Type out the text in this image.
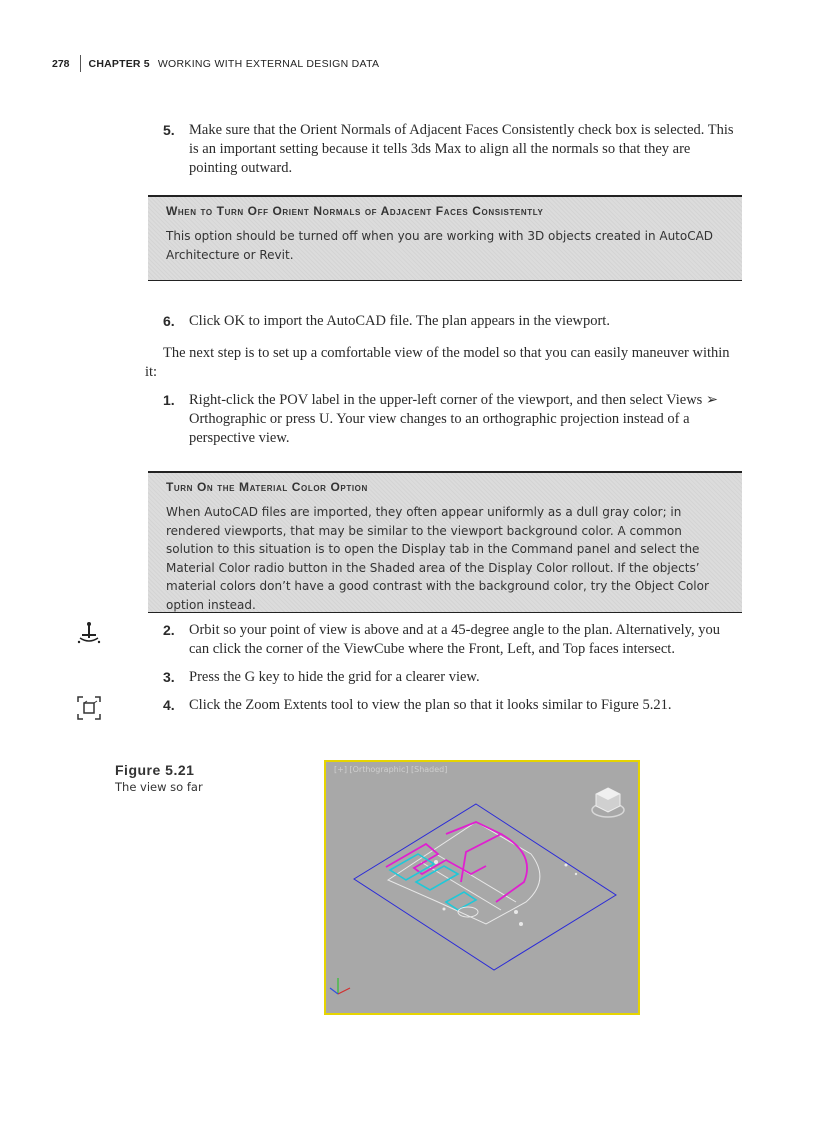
278 CHAPTER 5 WORKING WITH EXTERNAL DESIGN DATA
5. Make sure that the Orient Normals of Adjacent Faces Consistently check box is selected. This is an important setting because it tells 3ds Max to align all the normals so that they are pointing outward.
When to Turn Off Orient Normals of Adjacent Faces Consistently
This option should be turned off when you are working with 3D objects created in AutoCAD Architecture or Revit.
6. Click OK to import the AutoCAD file. The plan appears in the viewport.
The next step is to set up a comfortable view of the model so that you can easily maneuver within it:
1. Right-click the POV label in the upper-left corner of the viewport, and then select Views ➢ Orthographic or press U. Your view changes to an orthographic projection instead of a perspective view.
Turn On the Material Color Option
When AutoCAD files are imported, they often appear uniformly as a dull gray color; in rendered viewports, that may be similar to the viewport background color. A common solution to this situation is to open the Display tab in the Command panel and select the Material Color radio button in the Shaded area of the Display Color rollout. If the objects’ material colors don’t have a good contrast with the background color, try the Object Color option instead.
2. Orbit so your point of view is above and at a 45-degree angle to the plan. Alternatively, you can click the corner of the ViewCube where the Front, Left, and Top faces intersect.
3. Press the G key to hide the grid for a clearer view.
4. Click the Zoom Extents tool to view the plan so that it looks similar to Figure 5.21.
Figure 5.21
The view so far
[+] [Orthographic] [Shaded]
